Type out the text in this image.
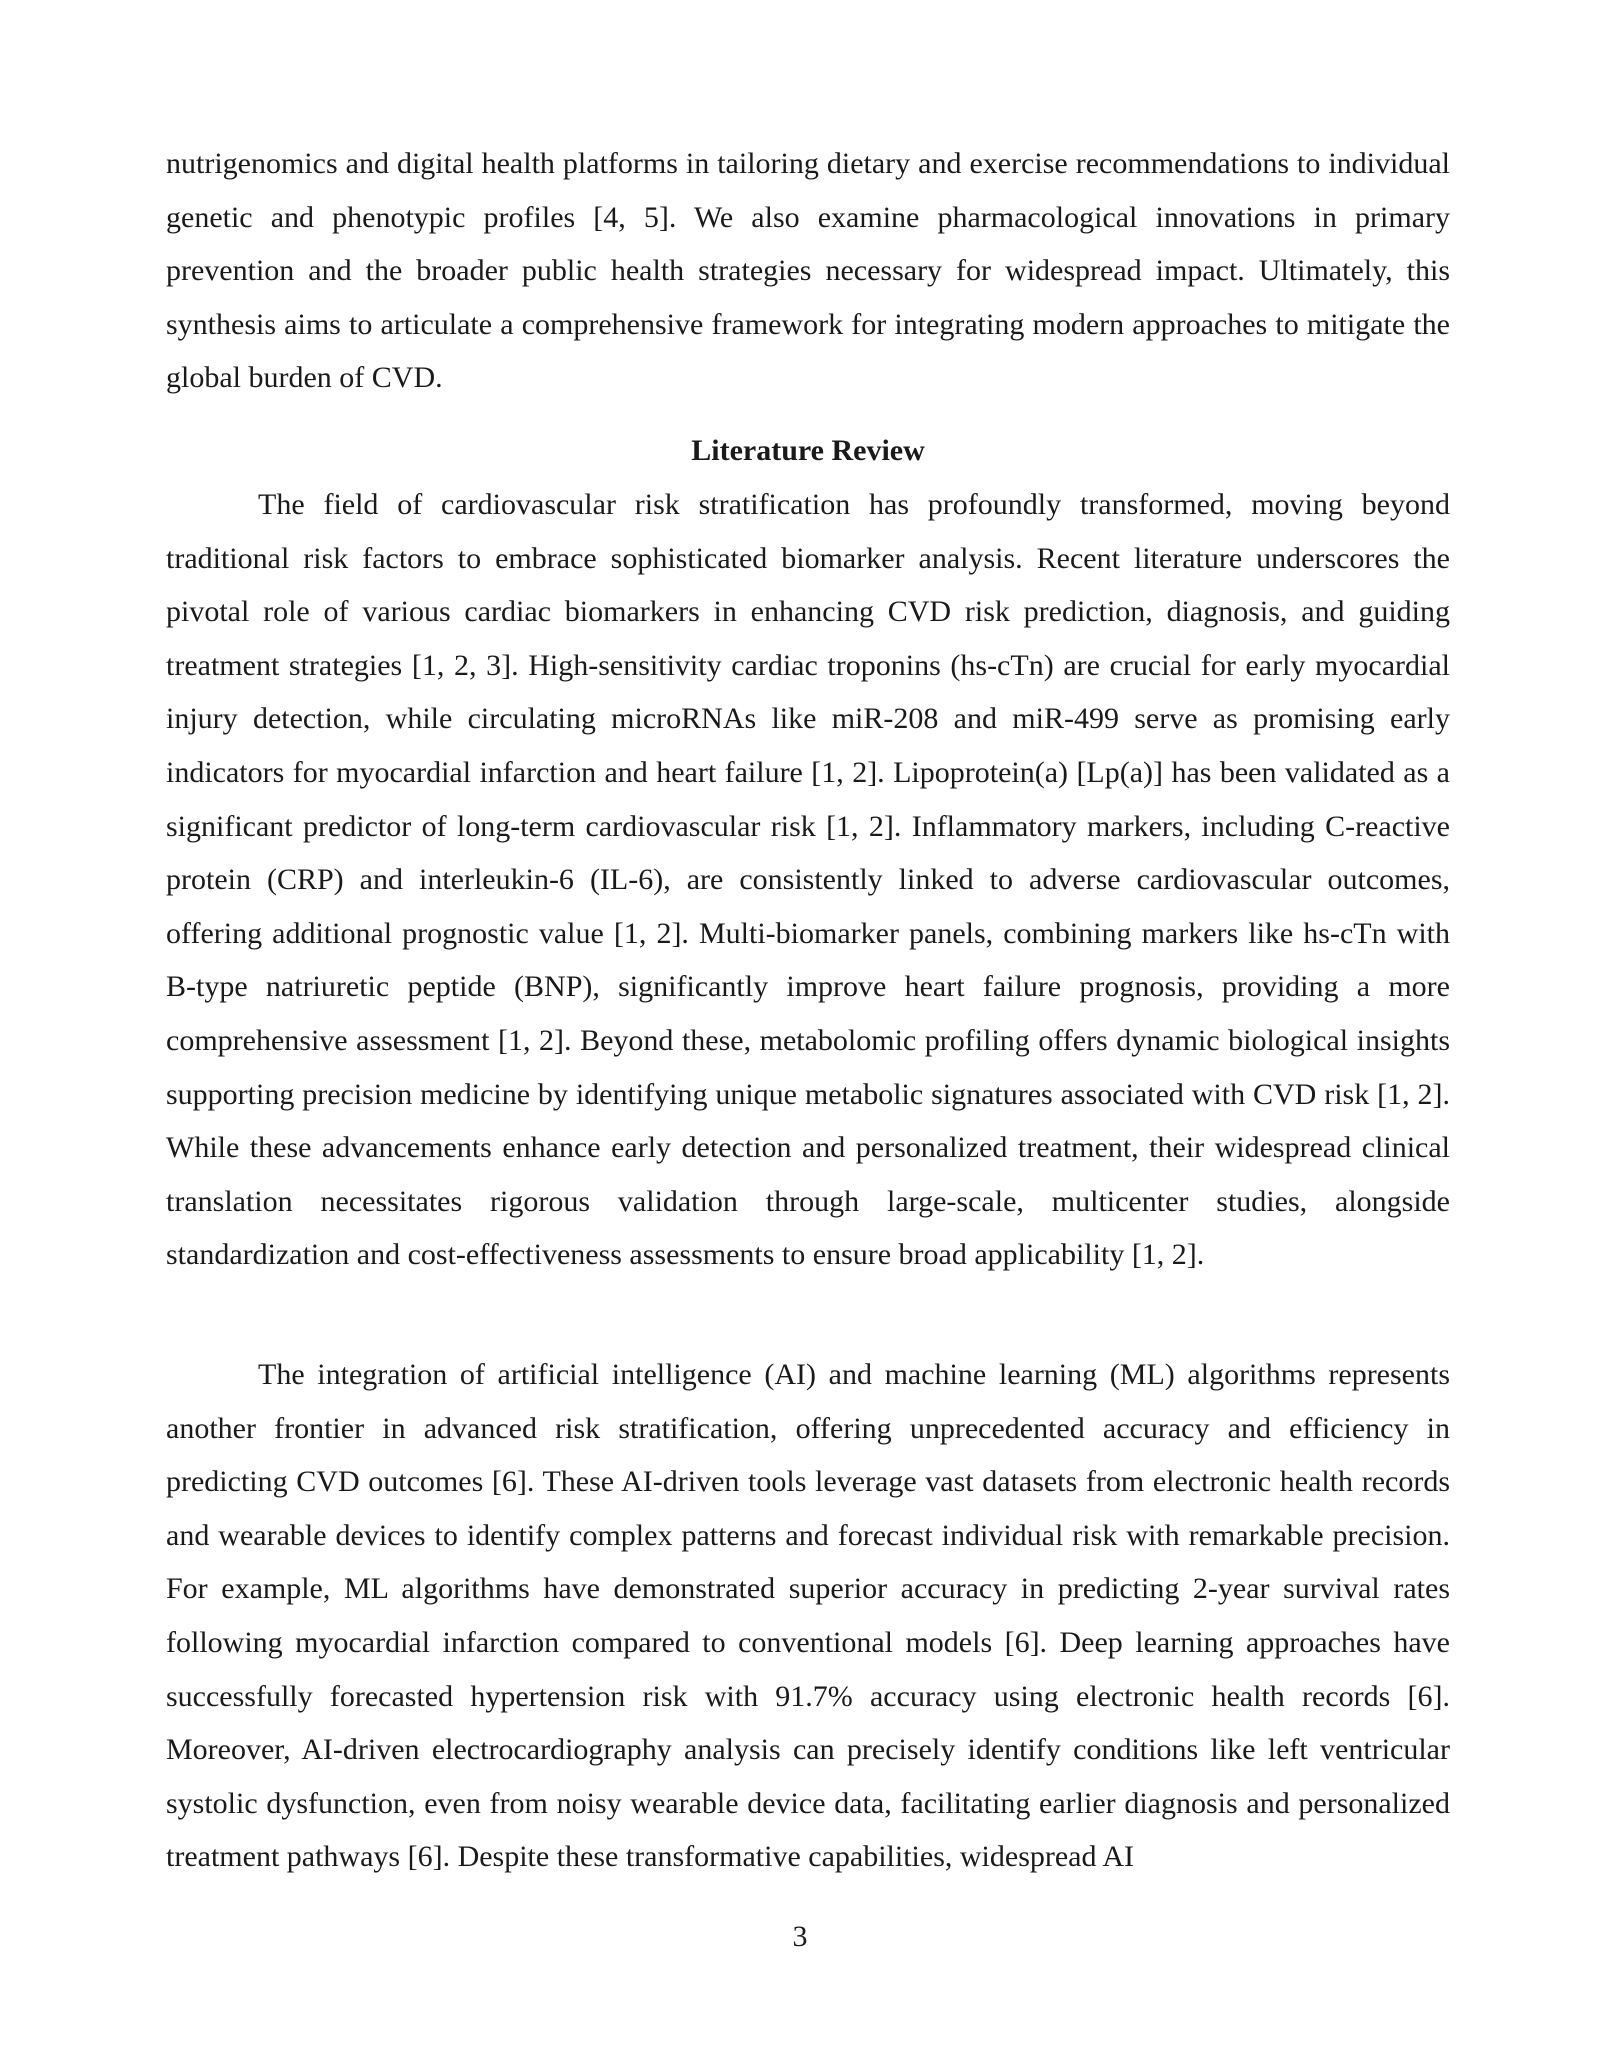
nutrigenomics and digital health platforms in tailoring dietary and exercise recommendations to individual genetic and phenotypic profiles [4, 5]. We also examine pharmacological innovations in primary prevention and the broader public health strategies necessary for widespread impact. Ultimately, this synthesis aims to articulate a comprehensive framework for integrating modern approaches to mitigate the global burden of CVD.

Literature Review

The field of cardiovascular risk stratification has profoundly transformed, moving beyond traditional risk factors to embrace sophisticated biomarker analysis. Recent literature underscores the pivotal role of various cardiac biomarkers in enhancing CVD risk prediction, diagnosis, and guiding treatment strategies [1, 2, 3]. High-sensitivity cardiac troponins (hs-cTn) are crucial for early myocardial injury detection, while circulating microRNAs like miR-208 and miR-499 serve as promising early indicators for myocardial infarction and heart failure [1, 2]. Lipoprotein(a) [Lp(a)] has been validated as a significant predictor of long-term cardiovascular risk [1, 2]. Inflammatory markers, including C-reactive protein (CRP) and interleukin-6 (IL-6), are consistently linked to adverse cardiovascular outcomes, offering additional prognostic value [1, 2]. Multi-biomarker panels, combining markers like hs-cTn with B-type natriuretic peptide (BNP), significantly improve heart failure prognosis, providing a more comprehensive assessment [1, 2]. Beyond these, metabolomic profiling offers dynamic biological insights supporting precision medicine by identifying unique metabolic signatures associated with CVD risk [1, 2]. While these advancements enhance early detection and personalized treatment, their widespread clinical translation necessitates rigorous validation through large-scale, multicenter studies, alongside standardization and cost-effectiveness assessments to ensure broad applicability [1, 2].

The integration of artificial intelligence (AI) and machine learning (ML) algorithms represents another frontier in advanced risk stratification, offering unprecedented accuracy and efficiency in predicting CVD outcomes [6]. These AI-driven tools leverage vast datasets from electronic health records and wearable devices to identify complex patterns and forecast individual risk with remarkable precision. For example, ML algorithms have demonstrated superior accuracy in predicting 2-year survival rates following myocardial infarction compared to conventional models [6]. Deep learning approaches have successfully forecasted hypertension risk with 91.7% accuracy using electronic health records [6]. Moreover, AI-driven electrocardiography analysis can precisely identify conditions like left ventricular systolic dysfunction, even from noisy wearable device data, facilitating earlier diagnosis and personalized treatment pathways [6]. Despite these transformative capabilities, widespread AI

3
